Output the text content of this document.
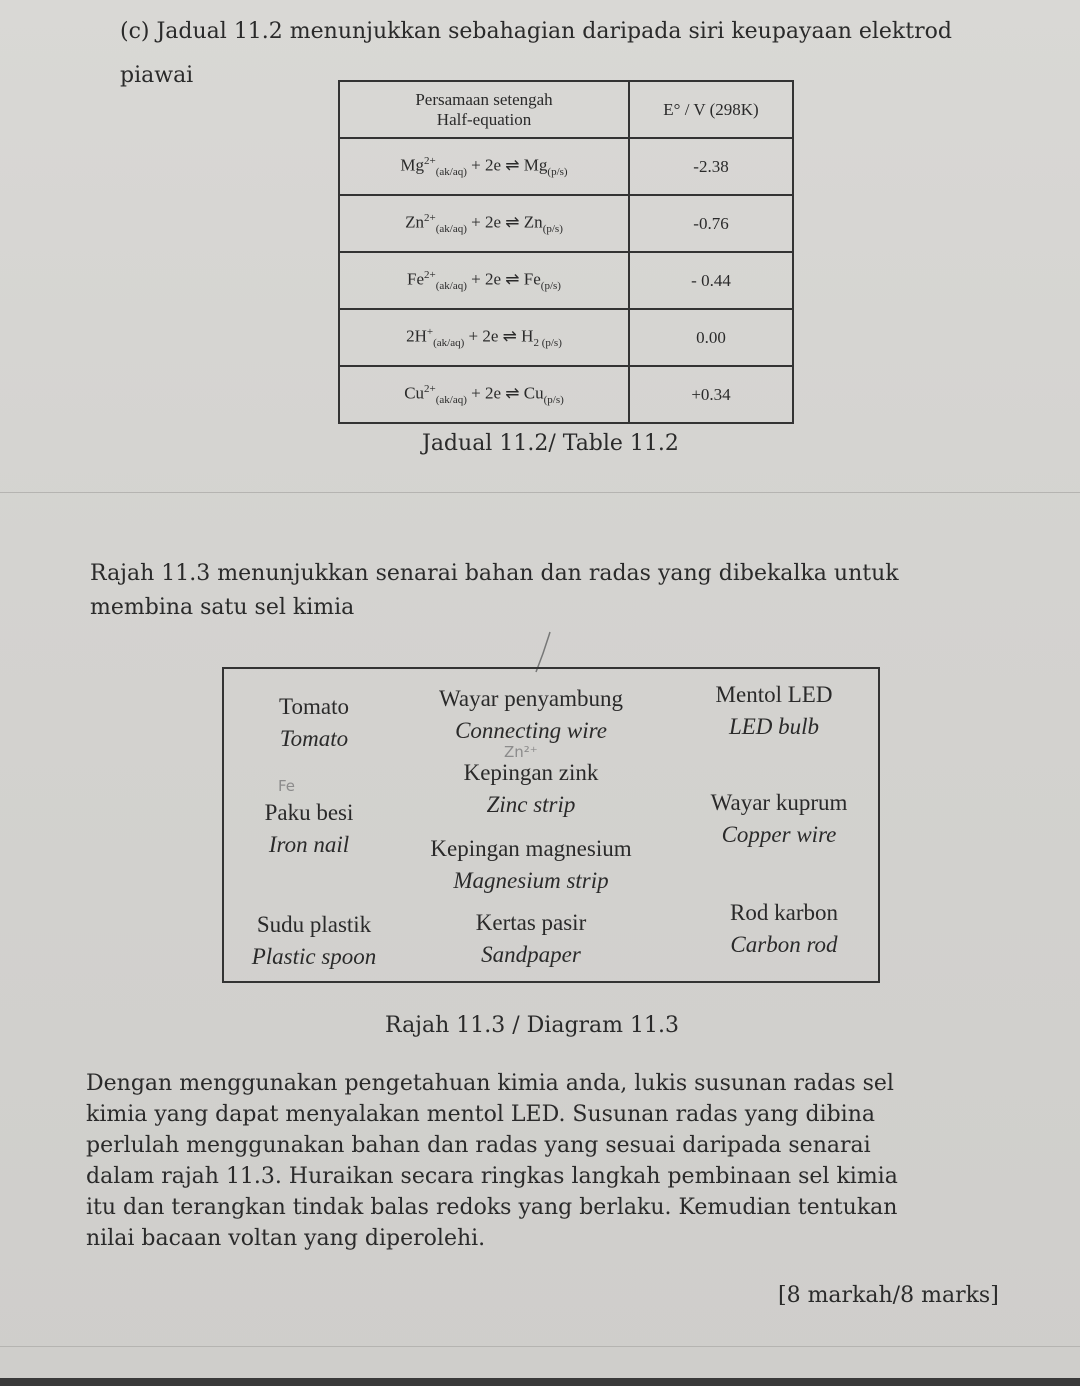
(c) Jadual 11.2 menunjukkan sebahagian daripada siri keupayaan elektrod
piawai
Persamaan setengah
Half-equation	E° / V (298K)
$Mg^{2+}_{(ak/aq)} + 2e$ ⇌ $Mg_{(p/s)}$	-2.38
$Zn^{2+}_{(ak/aq)} + 2e$ ⇌ $Zn_{(p/s)}$	-0.76
$Fe^{2+}_{(ak/aq)} + 2e$ ⇌ $Fe_{(p/s)}$	- 0.44
$2H^+_{(ak/aq)} + 2e$ ⇌ $H_{2 (p/s)}$	0.00
$Cu^{2+}_{(ak/aq)} + 2e$ ⇌ $Cu_{(p/s)}$	+0.34
Jadual 11.2/ Table 11.2
Rajah 11.3 menunjukkan senarai bahan dan radas yang dibekalka untuk
membina satu sel kimia
Tomato
Tomato
Wayar penyambung
Connecting wire
Mentol LED
LED bulb
Zn²⁺
Kepingan zink
Zinc strip
Fe
Paku besi
Iron nail
Wayar kuprum
Copper wire
Kepingan magnesium
Magnesium strip
Sudu plastik
Plastic spoon
Kertas pasir
Sandpaper
Rod karbon
Carbon rod
Rajah 11.3 / Diagram 11.3
Dengan menggunakan pengetahuan kimia anda, lukis susunan radas sel
kimia yang dapat menyalakan mentol LED. Susunan radas yang dibina
perlulah menggunakan bahan dan radas yang sesuai daripada senarai
dalam rajah 11.3. Huraikan secara ringkas langkah pembinaan sel kimia
itu dan terangkan tindak balas redoks yang berlaku. Kemudian tentukan
nilai bacaan voltan yang diperolehi.
[8 markah/8 marks]
